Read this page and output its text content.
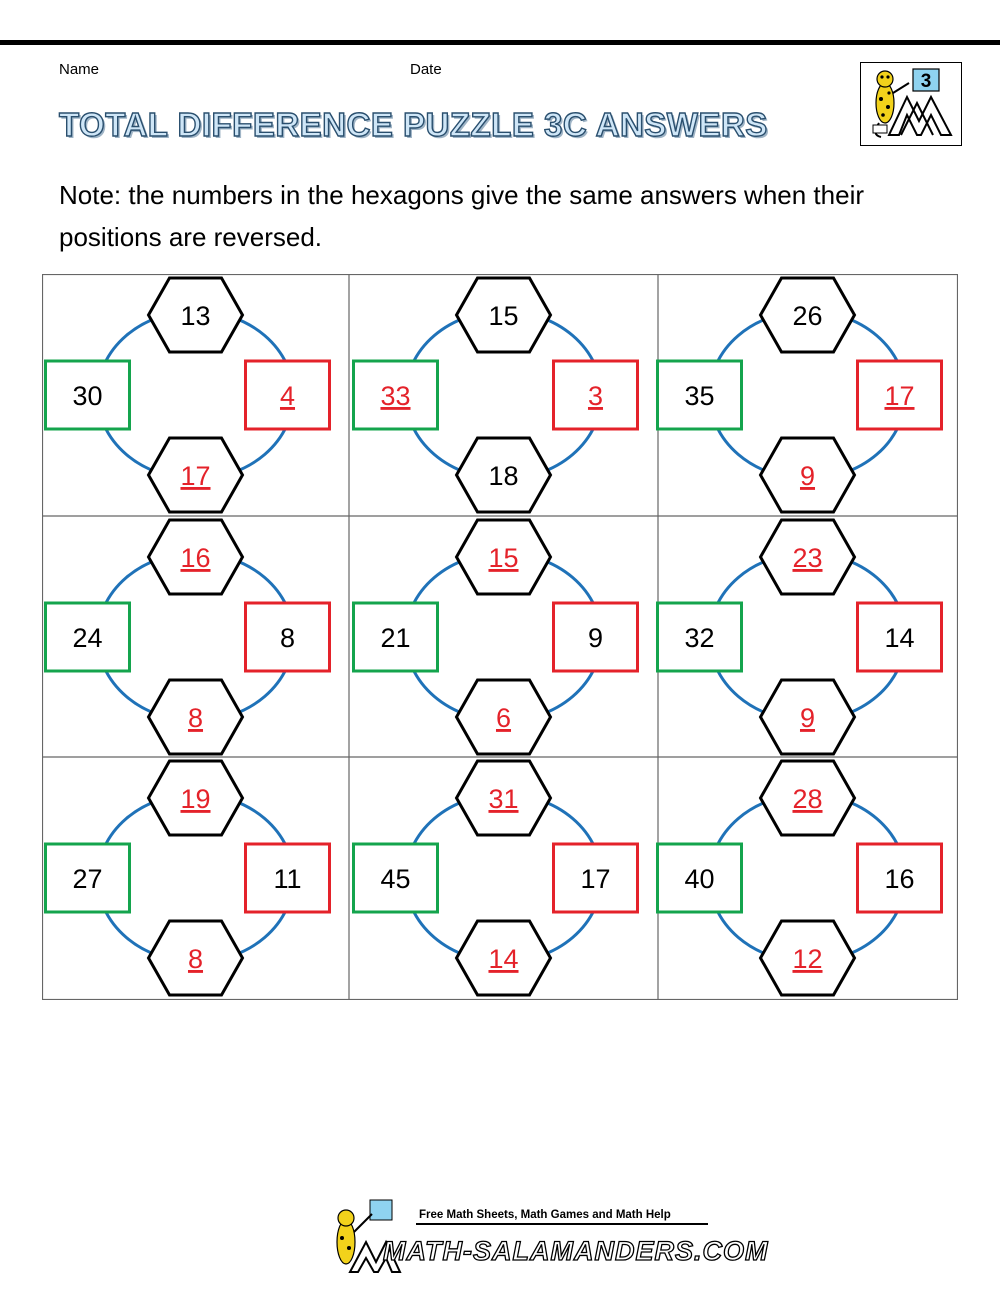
Name	Date
3
TOTAL DIFFERENCE PUZZLE 3C ANSWERS
Note: the numbers in the hexagons give the same answers when their positions are reversed.
13
17
30	4
15
18
33	3
26
9
35	17
16
8
24	8
15
6
21	9
23
9
32	14
19
8
27	11
31
14
45	17
28
12
40	16
Free Math Sheets, Math Games and Math Help
MATH-SALAMANDERS.COM
